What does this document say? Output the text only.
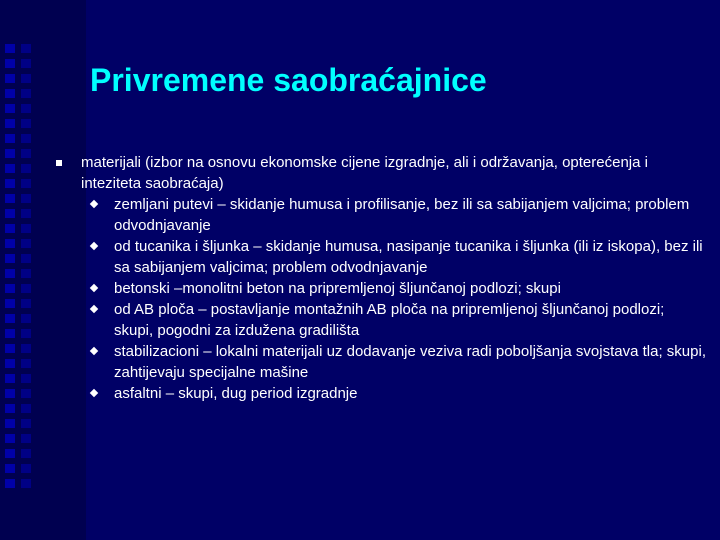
Privremene saobraćajnice
materijali (izbor na osnovu ekonomske cijene izgradnje, ali i održavanja, opterećenja i inteziteta saobraćaja)
zemljani putevi – skidanje humusa i profilisanje, bez ili sa sabijanjem valjcima; problem odvodnjavanje
od tucanika i šljunka – skidanje humusa, nasipanje tucanika i šljunka (ili iz iskopa), bez ili sa sabijanjem valjcima; problem odvodnjavanje
betonski –monolitni beton na pripremljenoj šljunčanoj podlozi; skupi
od AB ploča – postavljanje montažnih AB ploča na pripremljenoj šljunčanoj podlozi; skupi, pogodni za izdužena gradilišta
stabilizacioni – lokalni materijali uz dodavanje veziva radi poboljšanja svojstava tla; skupi, zahtijevaju specijalne mašine
asfaltni – skupi, dug period izgradnje
